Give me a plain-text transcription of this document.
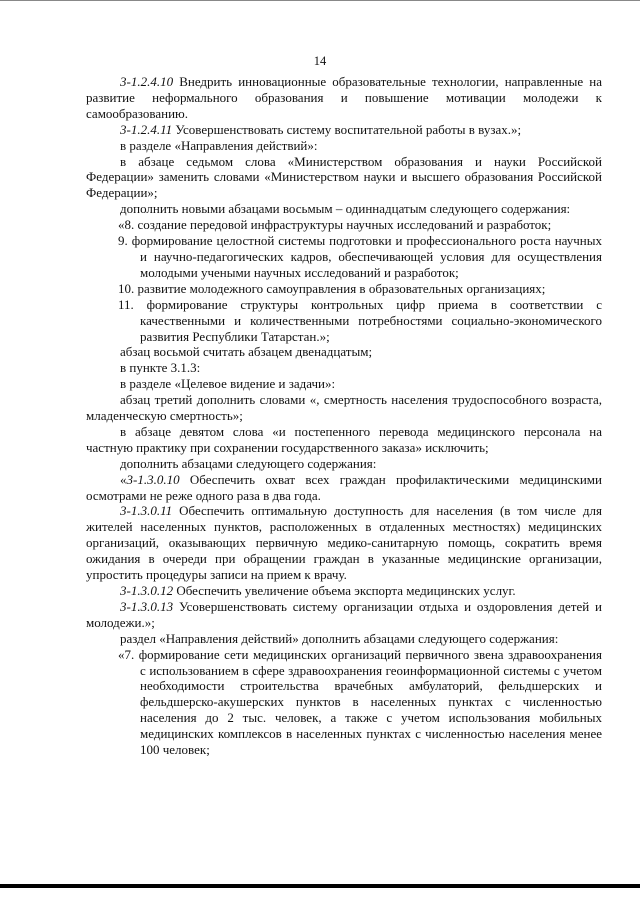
14

3-1.2.4.10 Внедрить инновационные образовательные технологии, направленные на развитие неформального образования и повышение мотивации молодежи к самообразованию.

3-1.2.4.11 Усовершенствовать систему воспитательной работы в вузах.»;

в разделе «Направления действий»:

в абзаце седьмом слова «Министерством образования и науки Российской Федерации» заменить словами «Министерством науки и высшего образования Российской Федерации»;

дополнить новыми абзацами восьмым – одиннадцатым следующего содержания:

«8. создание передовой инфраструктуры научных исследований и разработок;

9. формирование целостной системы подготовки и профессионального роста научных и научно-педагогических кадров, обеспечивающей условия для осуществления молодыми учеными научных исследований и разработок;

10. развитие молодежного самоуправления в образовательных организациях;

11. формирование структуры контрольных цифр приема в соответствии с качественными и количественными потребностями социально-экономического развития Республики Татарстан.»;

абзац восьмой считать абзацем двенадцатым;

в пункте 3.1.3:

в разделе «Целевое видение и задачи»:

абзац третий дополнить словами «, смертность населения трудоспособного возраста, младенческую смертность»;

в абзаце девятом слова «и постепенного перевода медицинского персонала на частную практику при сохранении государственного заказа» исключить;

дополнить абзацами следующего содержания:

«3-1.3.0.10 Обеспечить охват всех граждан профилактическими медицинскими осмотрами не реже одного раза в два года.

3-1.3.0.11 Обеспечить оптимальную доступность для населения (в том числе для жителей населенных пунктов, расположенных в отдаленных местностях) медицинских организаций, оказывающих первичную медико-санитарную помощь, сократить время ожидания в очереди при обращении граждан в указанные медицинские организации, упростить процедуры записи на прием к врачу.

3-1.3.0.12 Обеспечить увеличение объема экспорта медицинских услуг.

3-1.3.0.13 Усовершенствовать систему организации отдыха и оздоровления детей и молодежи.»;

раздел «Направления действий» дополнить абзацами следующего содержания:

«7. формирование сети медицинских организаций первичного звена здравоохранения с использованием в сфере здравоохранения геоинформационной системы с учетом необходимости строительства врачебных амбулаторий, фельдшерских и фельдшерско-акушерских пунктов в населенных пунктах с численностью населения до 2 тыс. человек, а также с учетом использования мобильных медицинских комплексов в населенных пунктах с численностью населения менее 100 человек;
